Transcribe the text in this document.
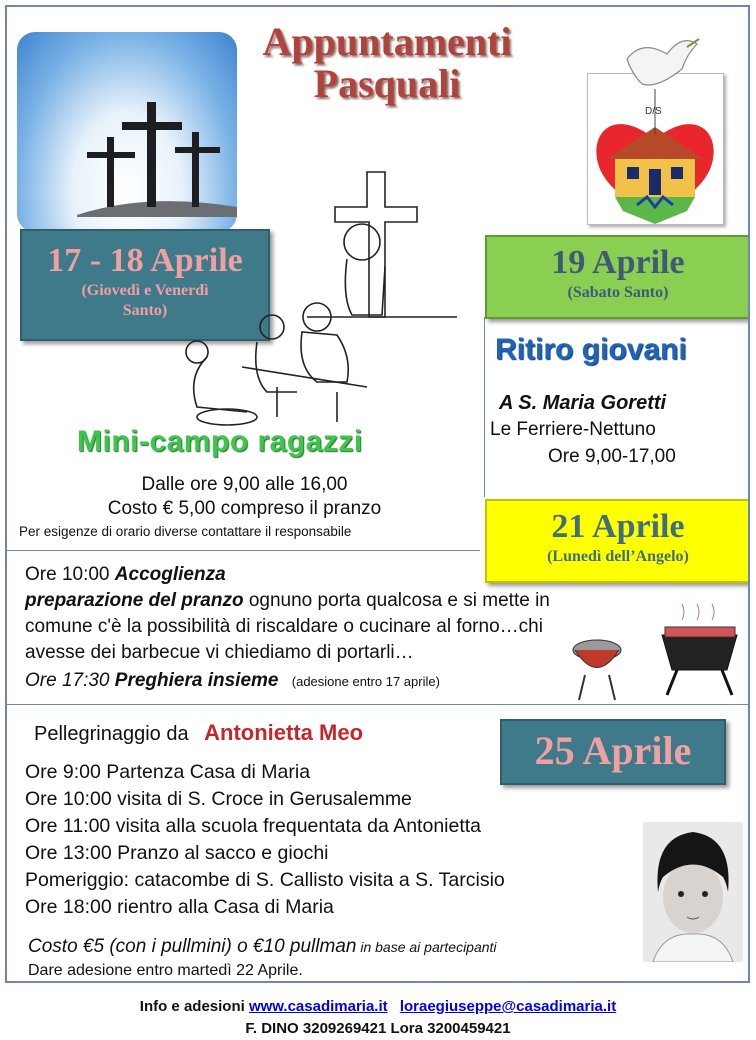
Appuntamenti
Pasquali
D/S
17 - 18 Aprile
(Giovedì e Venerdì
Santo)
Mini-campo ragazzi
Dalle ore 9,00 alle 16,00
Costo € 5,00 compreso il pranzo
Per esigenze di orario diverse contattare il responsabile
19 Aprile
(Sabato Santo)
Ritiro giovani
A S. Maria Goretti
Le Ferriere-Nettuno
Ore 9,00-17,00
21 Aprile
(Lunedì dell’Angelo)
Ore 10:00 Accoglienza
preparazione del pranzo ognuno porta qualcosa e si mette in
comune c'è la possibilità di riscaldare o cucinare al forno…chi
avesse dei barbecue vi chiediamo di portarli…
Ore 17:30 Preghiera insieme (adesione entro 17 aprile)
25 Aprile
Pellegrinaggio da Antonietta Meo
Ore 9:00 Partenza Casa di Maria
Ore 10:00 visita di S. Croce in Gerusalemme
Ore 11:00 visita alla scuola frequentata da Antonietta
Ore 13:00 Pranzo al sacco e giochi
Pomeriggio: catacombe di S. Callisto visita a S. Tarcisio
Ore 18:00 rientro alla Casa di Maria
Costo €5 (con i pullmini) o €10 pullman in base ai partecipanti
Dare adesione entro martedì 22 Aprile.
Info e adesioni www.casadimaria.it loraegiuseppe@casadimaria.it
F. DINO 3209269421 Lora 3200459421
